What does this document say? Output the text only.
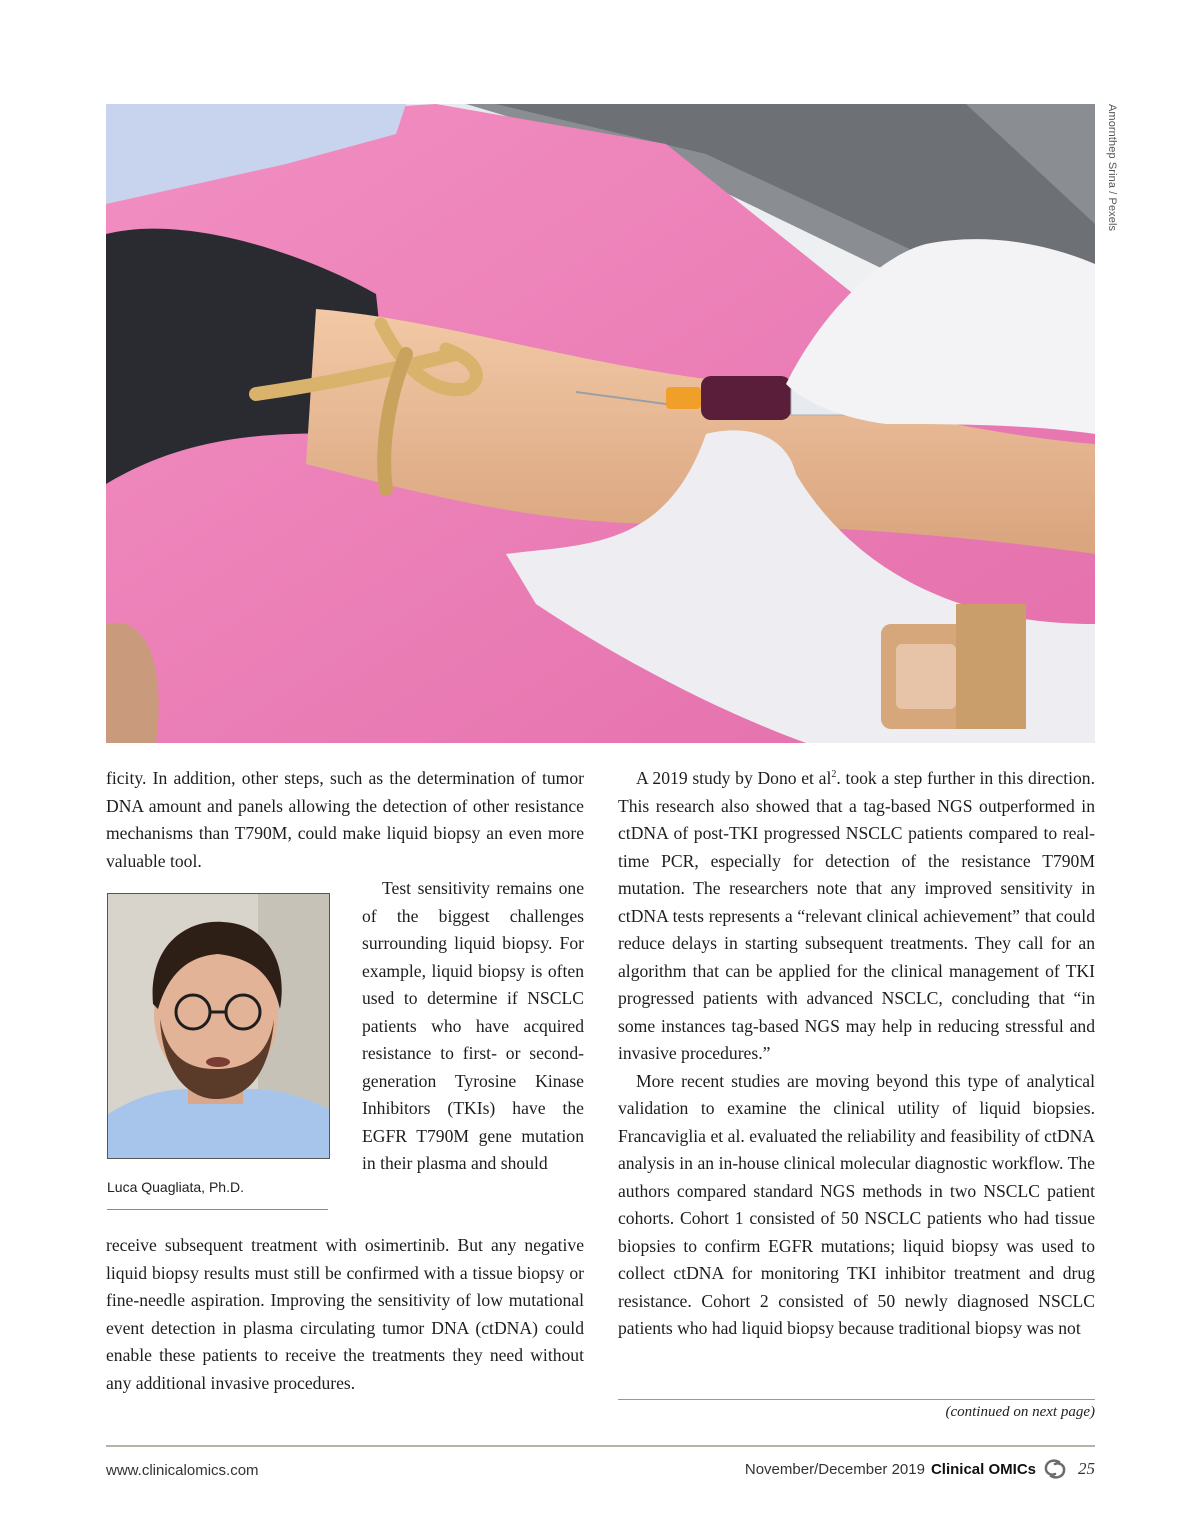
Amornthep Srina / Pexels

ficity. In addition, other steps, such as the determination of tumor DNA amount and panels allowing the detection of other resistance mechanisms than T790M, could make liquid biopsy an even more valuable tool.

Luca Quagliata, Ph.D.

Test sensitivity remains one of the biggest challenges surrounding liquid biopsy. For example, liquid biopsy is often used to determine if NSCLC patients who have acquired resistance to first- or second-generation Tyrosine Kinase Inhibitors (TKIs) have the EGFR T790M gene mutation in their plasma and should

receive subsequent treatment with osimertinib. But any negative liquid biopsy results must still be confirmed with a tissue biopsy or fine-needle aspiration. Improving the sensitivity of low mutational event detection in plasma circulating tumor DNA (ctDNA) could enable these patients to receive the treatments they need without any additional invasive procedures.

A 2019 study by Dono et $al^2$. took a step further in this direction. This research also showed that a tag-based NGS outperformed in ctDNA of post-TKI progressed NSCLC patients compared to real-time PCR, especially for detection of the resistance T790M mutation. The researchers note that any improved sensitivity in ctDNA tests represents a “relevant clinical achievement” that could reduce delays in starting subsequent treatments. They call for an algorithm that can be applied for the clinical management of TKI progressed patients with advanced NSCLC, concluding that “in some instances tag-based NGS may help in reducing stressful and invasive procedures.”

More recent studies are moving beyond this type of analytical validation to examine the clinical utility of liquid biopsies. Francaviglia et al. evaluated the reliability and feasibility of ctDNA analysis in an in-house clinical molecular diagnostic workflow. The authors compared standard NGS methods in two NSCLC patient cohorts. Cohort 1 consisted of 50 NSCLC patients who had tissue biopsies to confirm EGFR mutations; liquid biopsy was used to collect ctDNA for monitoring TKI inhibitor treatment and drug resistance. Cohort 2 consisted of 50 newly diagnosed NSCLC patients who had liquid biopsy because traditional biopsy was not

(continued on next page)
www.clinicalomics.com	November/December 2019 Clinical OMICs 25
